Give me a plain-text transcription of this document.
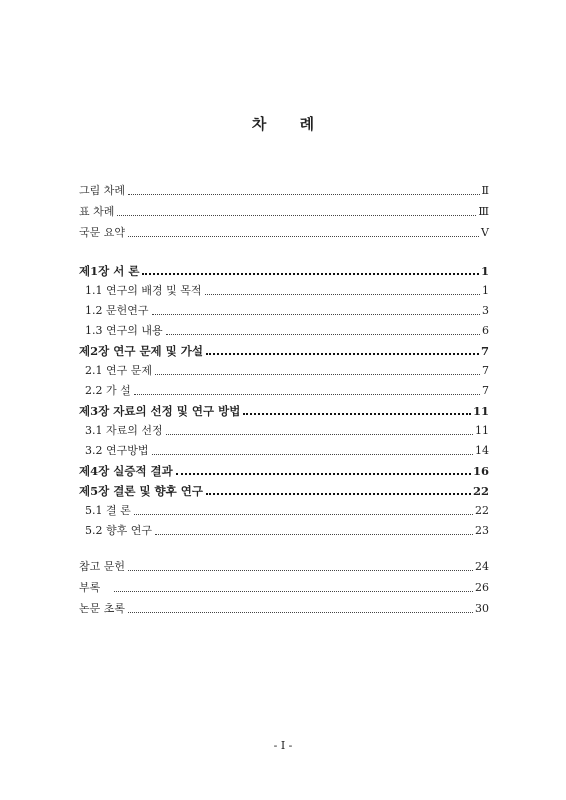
차 례
그림 차례	Ⅱ
표 차례	Ⅲ
국문 요약	Ⅴ
제1장 서 론	1
1.1 연구의 배경 및 목적	1
1.2 문헌연구	3
1.3 연구의 내용	6
제2장 연구 문제 및 가설	7
2.1 연구 문제	7
2.2 가 설	7
제3장 자료의 선정 및 연구 방법	11
3.1 자료의 선정	11
3.2 연구방법	14
제4장 실증적 결과	16
제5장 결론 및 향후 연구	22
5.1 결 론	22
5.2 향후 연구	23
참고 문헌	24
부록	26
논문 초록	30
- Ⅰ -
